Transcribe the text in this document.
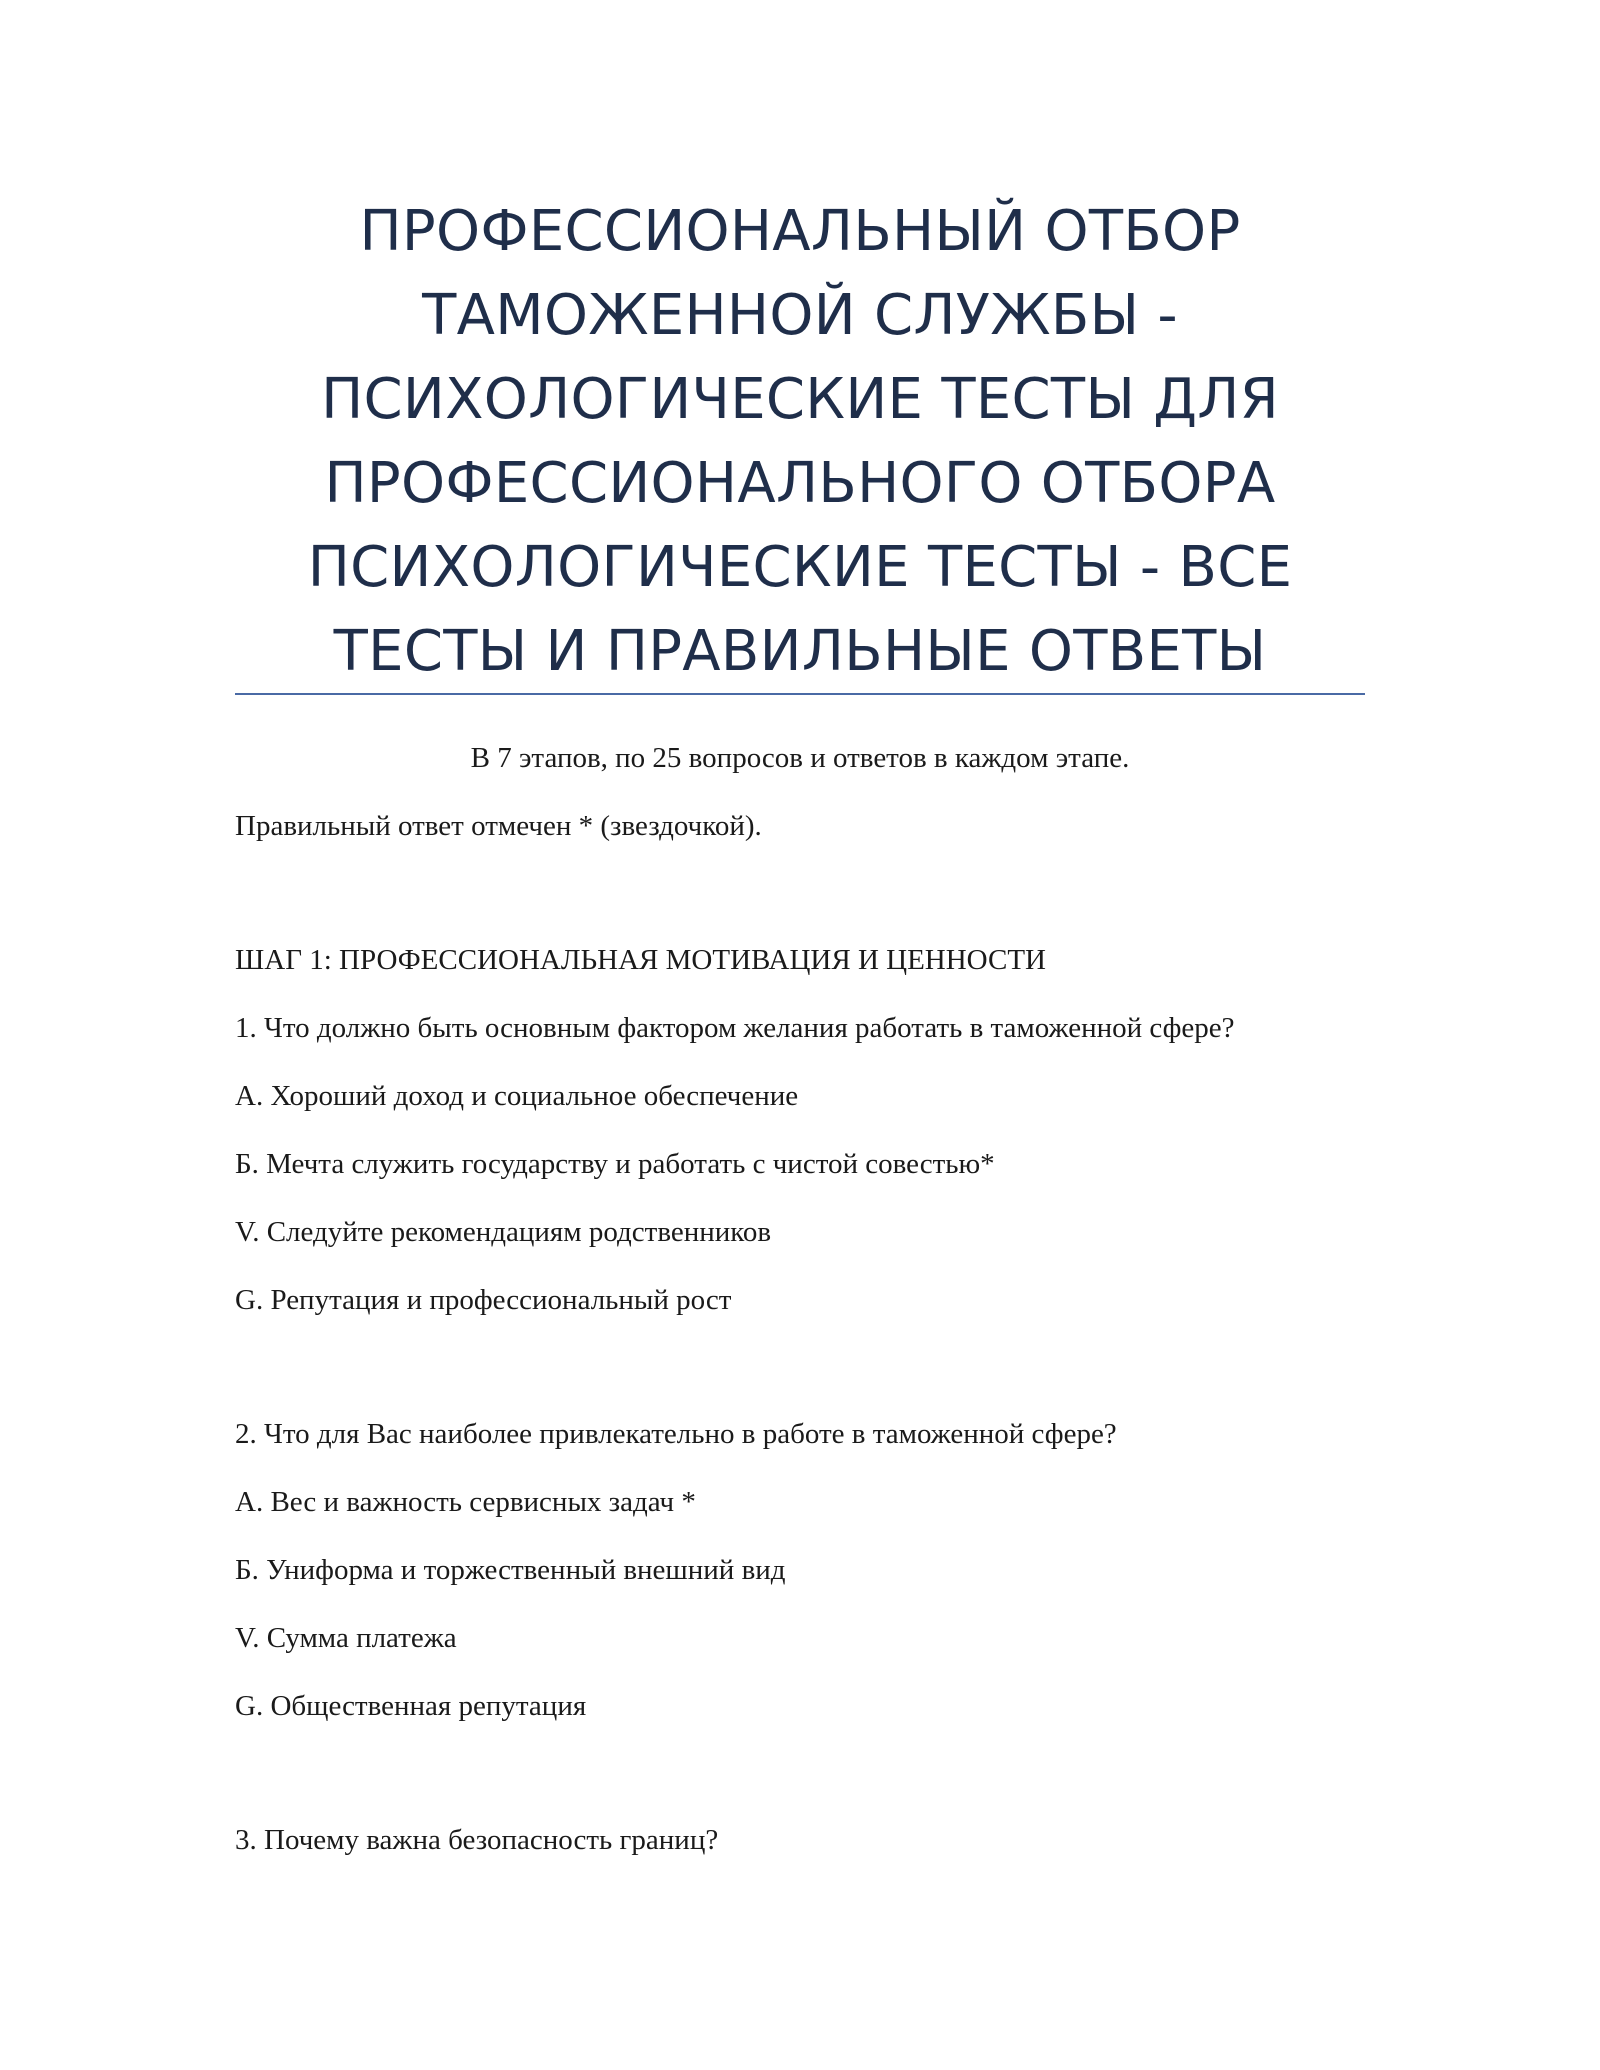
ПРОФЕССИОНАЛЬНЫЙ ОТБОР
ТАМОЖЕННОЙ СЛУЖБЫ -
ПСИХОЛОГИЧЕСКИЕ ТЕСТЫ ДЛЯ
ПРОФЕССИОНАЛЬНОГО ОТБОРА
ПСИХОЛОГИЧЕСКИЕ ТЕСТЫ - ВСЕ
ТЕСТЫ И ПРАВИЛЬНЫЕ ОТВЕТЫ
В 7 этапов, по 25 вопросов и ответов в каждом этапе.
Правильный ответ отмечен * (звездочкой).
ШАГ 1: ПРОФЕССИОНАЛЬНАЯ МОТИВАЦИЯ И ЦЕННОСТИ
1. Что должно быть основным фактором желания работать в таможенной сфере?
А. Хороший доход и социальное обеспечение
Б. Мечта служить государству и работать с чистой совестью*
V. Следуйте рекомендациям родственников
G. Репутация и профессиональный рост
2. Что для Вас наиболее привлекательно в работе в таможенной сфере?
А. Вес и важность сервисных задач *
Б. Униформа и торжественный внешний вид
V. Сумма платежа
G. Общественная репутация
3. Почему важна безопасность границ?
